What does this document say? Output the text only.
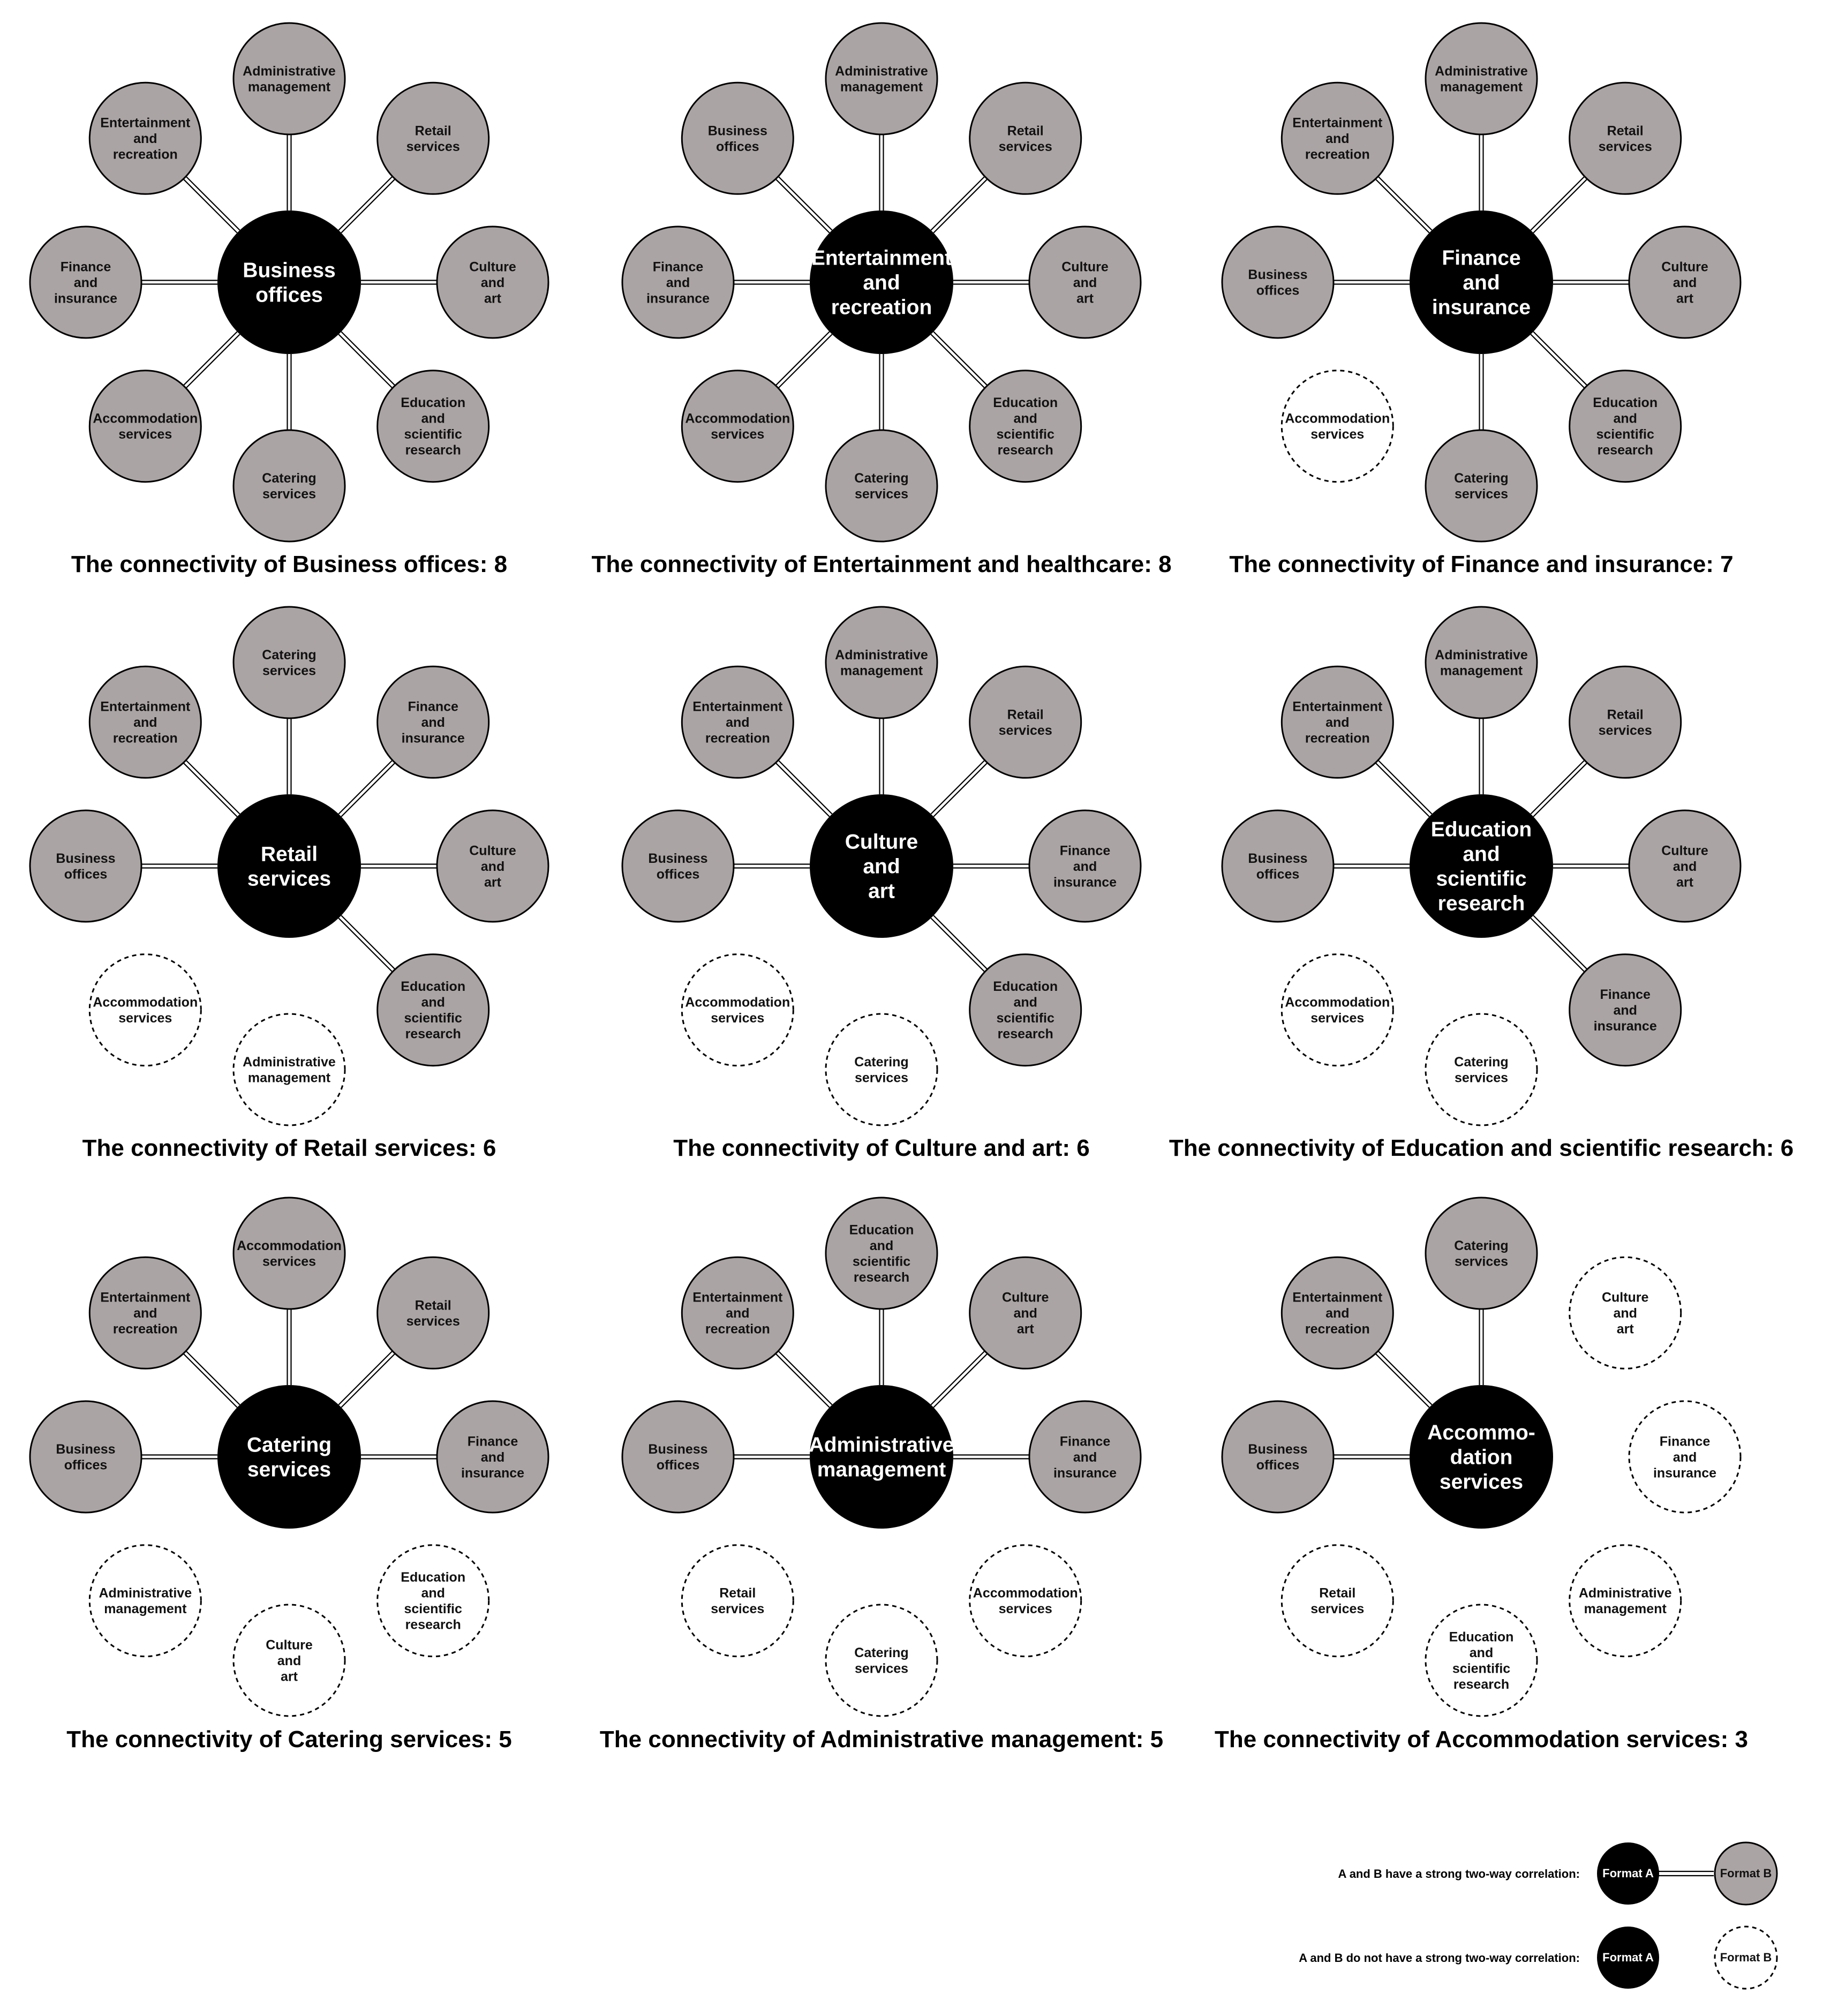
Administrative
management
Retail
services
Culture
and
art
Education
and
scientific
research
Catering
services
Accommodation
services
Finance
and
insurance
Entertainment
and
recreation
Business
offices
The connectivity of Business offices: 8
Administrative
management
Retail
services
Culture
and
art
Education
and
scientific
research
Catering
services
Accommodation
services
Finance
and
insurance
Business
offices
Entertainment
and
recreation
The connectivity of Entertainment and healthcare: 8
Administrative
management
Retail
services
Culture
and
art
Education
and
scientific
research
Catering
services
Accommodation
services
Business
offices
Entertainment
and
recreation
Finance
and
insurance
The connectivity of Finance and insurance: 7
Catering
services
Finance
and
insurance
Culture
and
art
Education
and
scientific
research
Administrative
management
Accommodation
services
Business
offices
Entertainment
and
recreation
Retail
services
The connectivity of Retail services: 6
Administrative
management
Retail
services
Finance
and
insurance
Education
and
scientific
research
Catering
services
Accommodation
services
Business
offices
Entertainment
and
recreation
Culture
and
art
The connectivity of Culture and art: 6
Administrative
management
Retail
services
Culture
and
art
Finance
and
insurance
Catering
services
Accommodation
services
Business
offices
Entertainment
and
recreation
Education
and
scientific
research
The connectivity of Education and scientific research: 6
Accommodation
services
Retail
services
Finance
and
insurance
Education
and
scientific
research
Culture
and
art
Administrative
management
Business
offices
Entertainment
and
recreation
Catering
services
The connectivity of Catering services: 5
Education
and
scientific
research
Culture
and
art
Finance
and
insurance
Accommodation
services
Catering
services
Retail
services
Business
offices
Entertainment
and
recreation
Administrative
management
The connectivity of Administrative management: 5
Catering
services
Culture
and
art
Finance
and
insurance
Administrative
management
Education
and
scientific
research
Retail
services
Business
offices
Entertainment
and
recreation
Accommo-
dation
services
The connectivity of Accommodation services: 3
A and B have a strong two-way correlation: Format A	Format B
A and B do not have a strong two-way correlation: Format A	Format B
